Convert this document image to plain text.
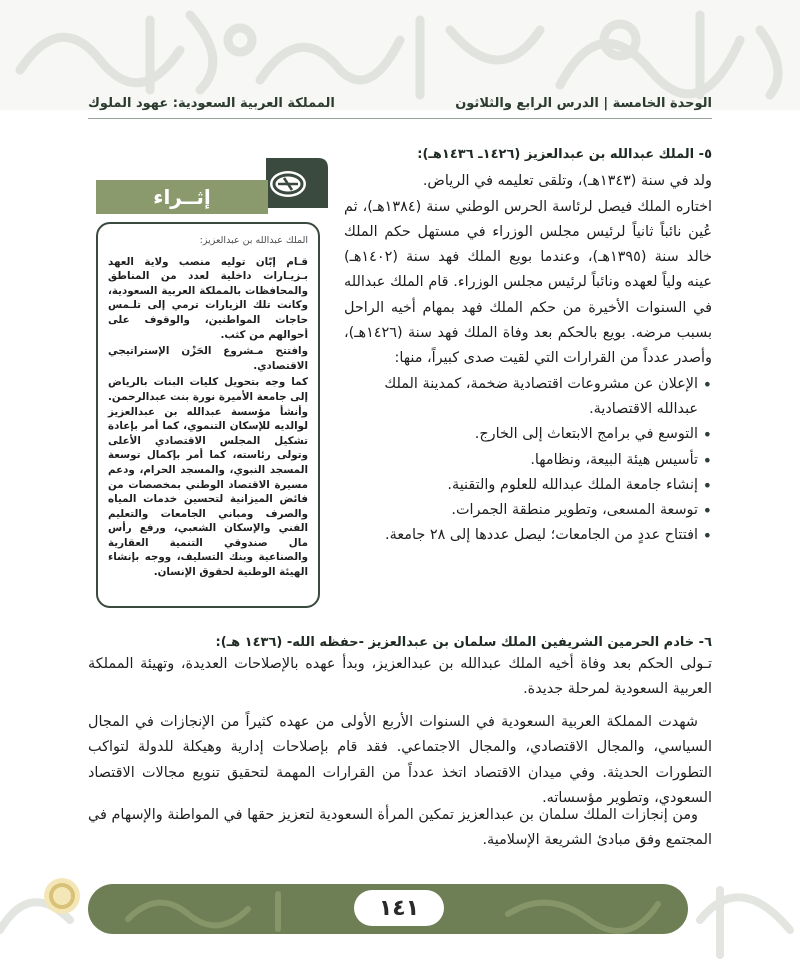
الوحدة الخامسة | الدرس الرابع والثلاثون
المملكة العربية السعودية: عهود الملوك
٥- الملك عبدالله بن عبدالعزيز (١٤٢٦ـ ١٤٣٦هـ):

ولد في سنة (١٣٤٣هـ)، وتلقى تعليمه في الرياض.

اختاره الملك فيصل لرئاسة الحرس الوطني سنة (١٣٨٤هـ)، ثم عُين نائباً ثانياً لرئيس مجلس الوزراء في مستهل حكم الملك خالد سنة (١٣٩٥هـ)، وعندما بويع الملك فهد سنة (١٤٠٢هـ) عينه ولياً لعهده ونائباً لرئيس مجلس الوزراء. قام الملك عبدالله في السنوات الأخيرة من حكم الملك فهد بمهام أخيه الراحل بسبب مرضه. بويع بالحكم بعد وفاة الملك فهد سنة (١٤٢٦هـ)، وأصدر عدداً من القرارات التي لقيت صدى كبيراً، منها:

• الإعلان عن مشروعات اقتصادية ضخمة، كمدينة الملك عبدالله الاقتصادية.
• التوسع في برامج الابتعاث إلى الخارج.
• تأسيس هيئة البيعة، ونظامها.
• إنشاء جامعة الملك عبدالله للعلوم والتقنية.
• توسعة المسعى، وتطوير منطقة الجمرات.
• افتتاح عددٍ من الجامعات؛ ليصل عددها إلى ٢٨ جامعة.
إثــراء
الملك عبدالله بن عبدالعزيز:

قـام إبّان توليه منصب ولاية العهد بـزيـارات داخلية لعدد من المناطق والمحافظات بالمملكة العربية السعودية، وكانت تلك الزيارات ترمي إلى تلـمس حاجات المواطنين، والوقوف على أحوالهم من كثب.

وافتتح مـشروع الحَزْن الإستراتيجي الاقتصادي.

كما وجه بتحويل كليات البنات بالرياض إلى جامعة الأميرة نورة بنت عبدالرحمن. وأنشأ مؤسسة عبدالله بن عبدالعزيز لوالديه للإسكان التنموي، كما أمر بإعادة تشكيل المجلس الاقتصادي الأعلى وتولى رئاسته، كما أمر بإكمال توسعة المسجد النبوي، والمسجد الحرام، ودعم مسيرة الاقتصاد الوطني بمخصصات من فائض الميزانية لتحسين خدمات المياه والصرف ومباني الجامعات والتعليم الفني والإسكان الشعبي، ورفع رأس مال صندوقي التنمية العقارية والصناعية وبنك التسليف، ووجه بإنشاء الهيئة الوطنية لحقوق الإنسان.

٦- خادم الحرمين الشريفين الملك سلمان بن عبدالعزيز -حفظه الله- (١٤٣٦ هـ):

تـولى الحكم بعد وفاة أخيه الملك عبدالله بن عبدالعزيز، وبدأ عهده بالإصلاحات العديدة، وتهيئة المملكة العربية السعودية لمرحلة جديدة.

شهدت المملكة العربية السعودية في السنوات الأربع الأولى من عهده كثيراً من الإنجازات في المجال السياسي، والمجال الاقتصادي، والمجال الاجتماعي. فقد قام بإصلاحات إدارية وهيكلة للدولة لتواكب التطورات الحديثة. وفي ميدان الاقتصاد اتخذ عدداً من القرارات المهمة لتحقيق تنويع مجالات الاقتصاد السعودي، وتطوير مؤسساته.

ومن إنجازات الملك سلمان بن عبدالعزيز تمكين المرأة السعودية لتعزيز حقها في المواطنة والإسهام في المجتمع وفق مبادئ الشريعة الإسلامية.

١٤١
